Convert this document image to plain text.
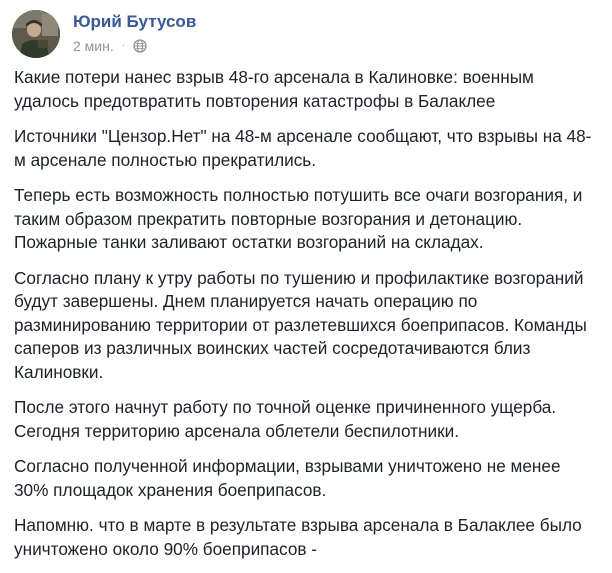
Юрий Бутусов
2 мин. ·

Какие потери нанес взрыв 48-го арсенала в Калиновке: военным
удалось предотвратить повторения катастрофы в Балаклее

Источники "Цензор.Нет" на 48-м арсенале сообщают, что взрывы на 48-
м арсенале полностью прекратились.

Теперь есть возможность полностью потушить все очаги возгорания, и
таким образом прекратить повторные возгорания и детонацию.
Пожарные танки заливают остатки возгораний на складах.

Согласно плану к утру работы по тушению и профилактике возгораний
будут завершены. Днем планируется начать операцию по
разминированию территории от разлетевшихся боеприпасов. Команды
саперов из различных воинских частей сосредотачиваются близ
Калиновки.

После этого начнут работу по точной оценке причиненного ущерба.
Сегодня территорию арсенала облетели беспилотники.

Согласно полученной информации, взрывами уничтожено не менее
30% площадок хранения боеприпасов.

Напомню. что в марте в результате взрыва арсенала в Балаклее было
уничтожено около 90% боеприпасов -
